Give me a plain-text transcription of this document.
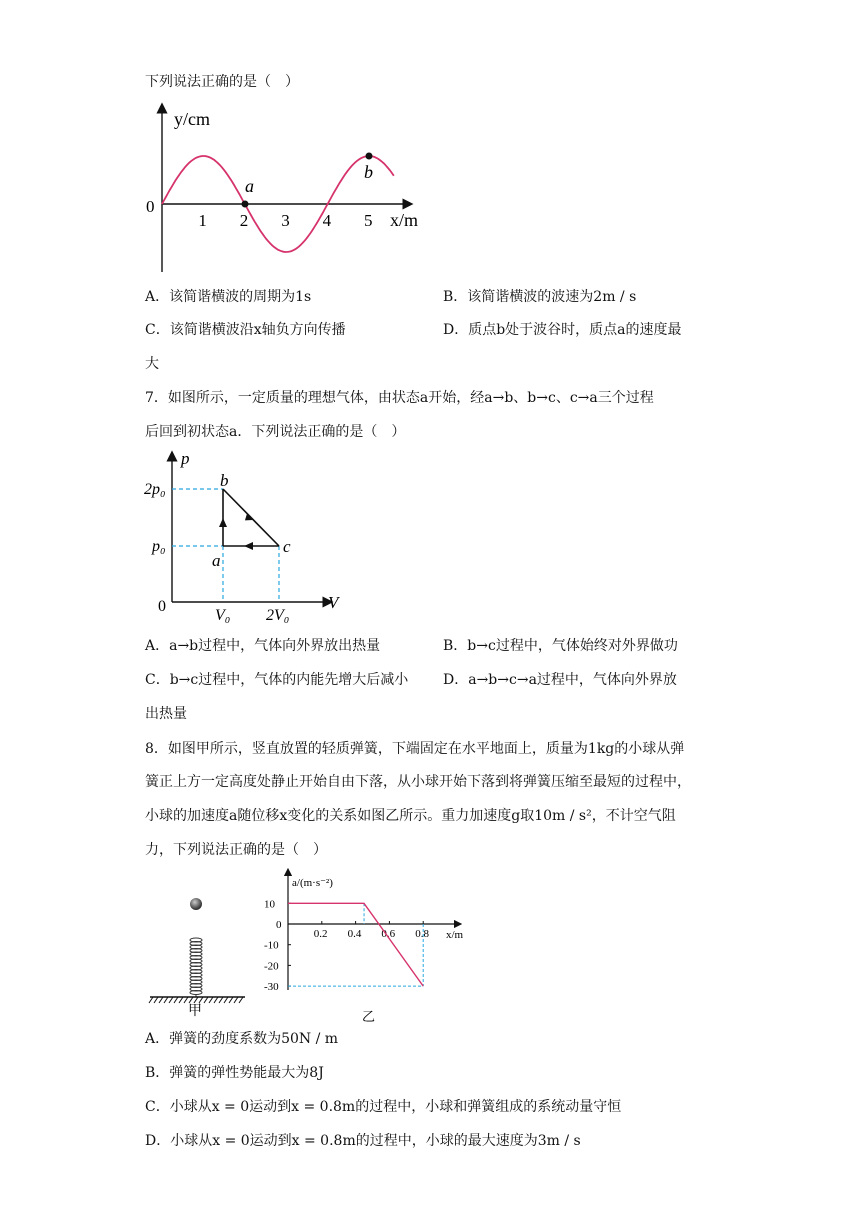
下列说法正确的是（　）
y/cm
x/m
0
1 2 3 4 5
a
b
A．该简谐横波的周期为1s	B．该简谐横波的波速为2m / s
C．该简谐横波沿x轴负方向传播	D．质点b处于波谷时，质点a的速度最
大
7．如图所示，一定质量的理想气体，由状态a开始，经a→b、b→c、c→a三个过程
后回到初状态a．下列说法正确的是（　）
p
V
0
2p₀
p₀
V₀ 2V₀
a
b
c
A．a→b过程中，气体向外界放出热量	B．b→c过程中，气体始终对外界做功
C．b→c过程中，气体的内能先增大后减小 D．a→b→c→a过程中，气体向外界放
出热量
8．如图甲所示，竖直放置的轻质弹簧，下端固定在水平地面上，质量为1kg的小球从弹
簧正上方一定高度处静止开始自由下落，从小球开始下落到将弹簧压缩至最短的过程中，
小球的加速度a随位移x变化的关系如图乙所示。重力加速度g取10m / s²，不计空气阻
力，下列说法正确的是（　）
甲
a/(m·s⁻²)
x/m
0
0.2 0.4 0.6 0.8
10
-10
-20
-30
乙
A．弹簧的劲度系数为50N / m
B．弹簧的弹性势能最大为8J
C．小球从x = 0运动到x = 0.8m的过程中，小球和弹簧组成的系统动量守恒
D．小球从x = 0运动到x = 0.8m的过程中，小球的最大速度为3m / s
